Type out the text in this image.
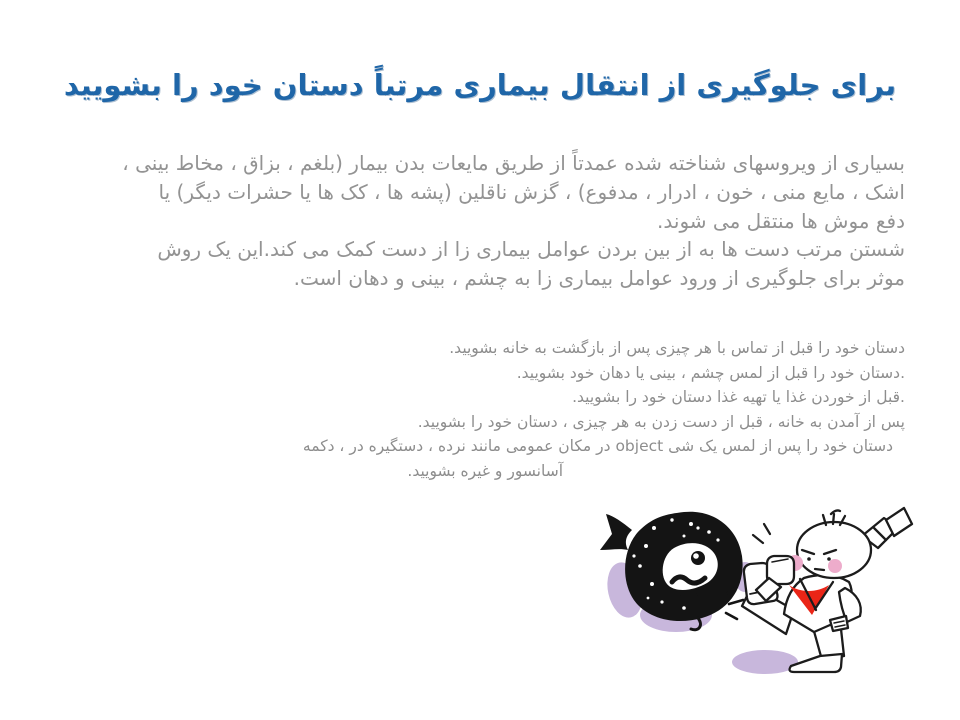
برای جلوگیری از انتقال بیماری مرتباً دستان خود را بشویید
بسیاری از ویروسهای شناخته شده عمدتاً از طریق مایعات بدن بیمار (بلغم ، بزاق ، مخاط بینی ،
اشک ، مایع منی ، خون ، ادرار ، مدفوع) ، گزش ناقلین (پشه ها ، کک ها یا حشرات دیگر) یا
دفع موش ها منتقل می شوند.
شستن مرتب دست ها به از بین بردن عوامل بیماری زا از دست کمک می کند.این یک روش
موثر برای جلوگیری از ورود عوامل بیماری زا به چشم ، بینی و دهان است.
دستان خود را قبل از تماس با هر چیزی پس از بازگشت به خانه بشویید.
.دستان خود را قبل از لمس چشم ، بینی یا دهان خود بشویید.
.قبل از خوردن غذا یا تهیه غذا دستان خود را بشویید.
پس از آمدن به خانه ، قبل از دست زدن به هر چیزی ، دستان خود را بشویید.
دستان خود را پس از لمس یک شی object در مکان عمومی مانند نرده ، دستگیره در ، دکمه
آسانسور و غیره بشویید.
